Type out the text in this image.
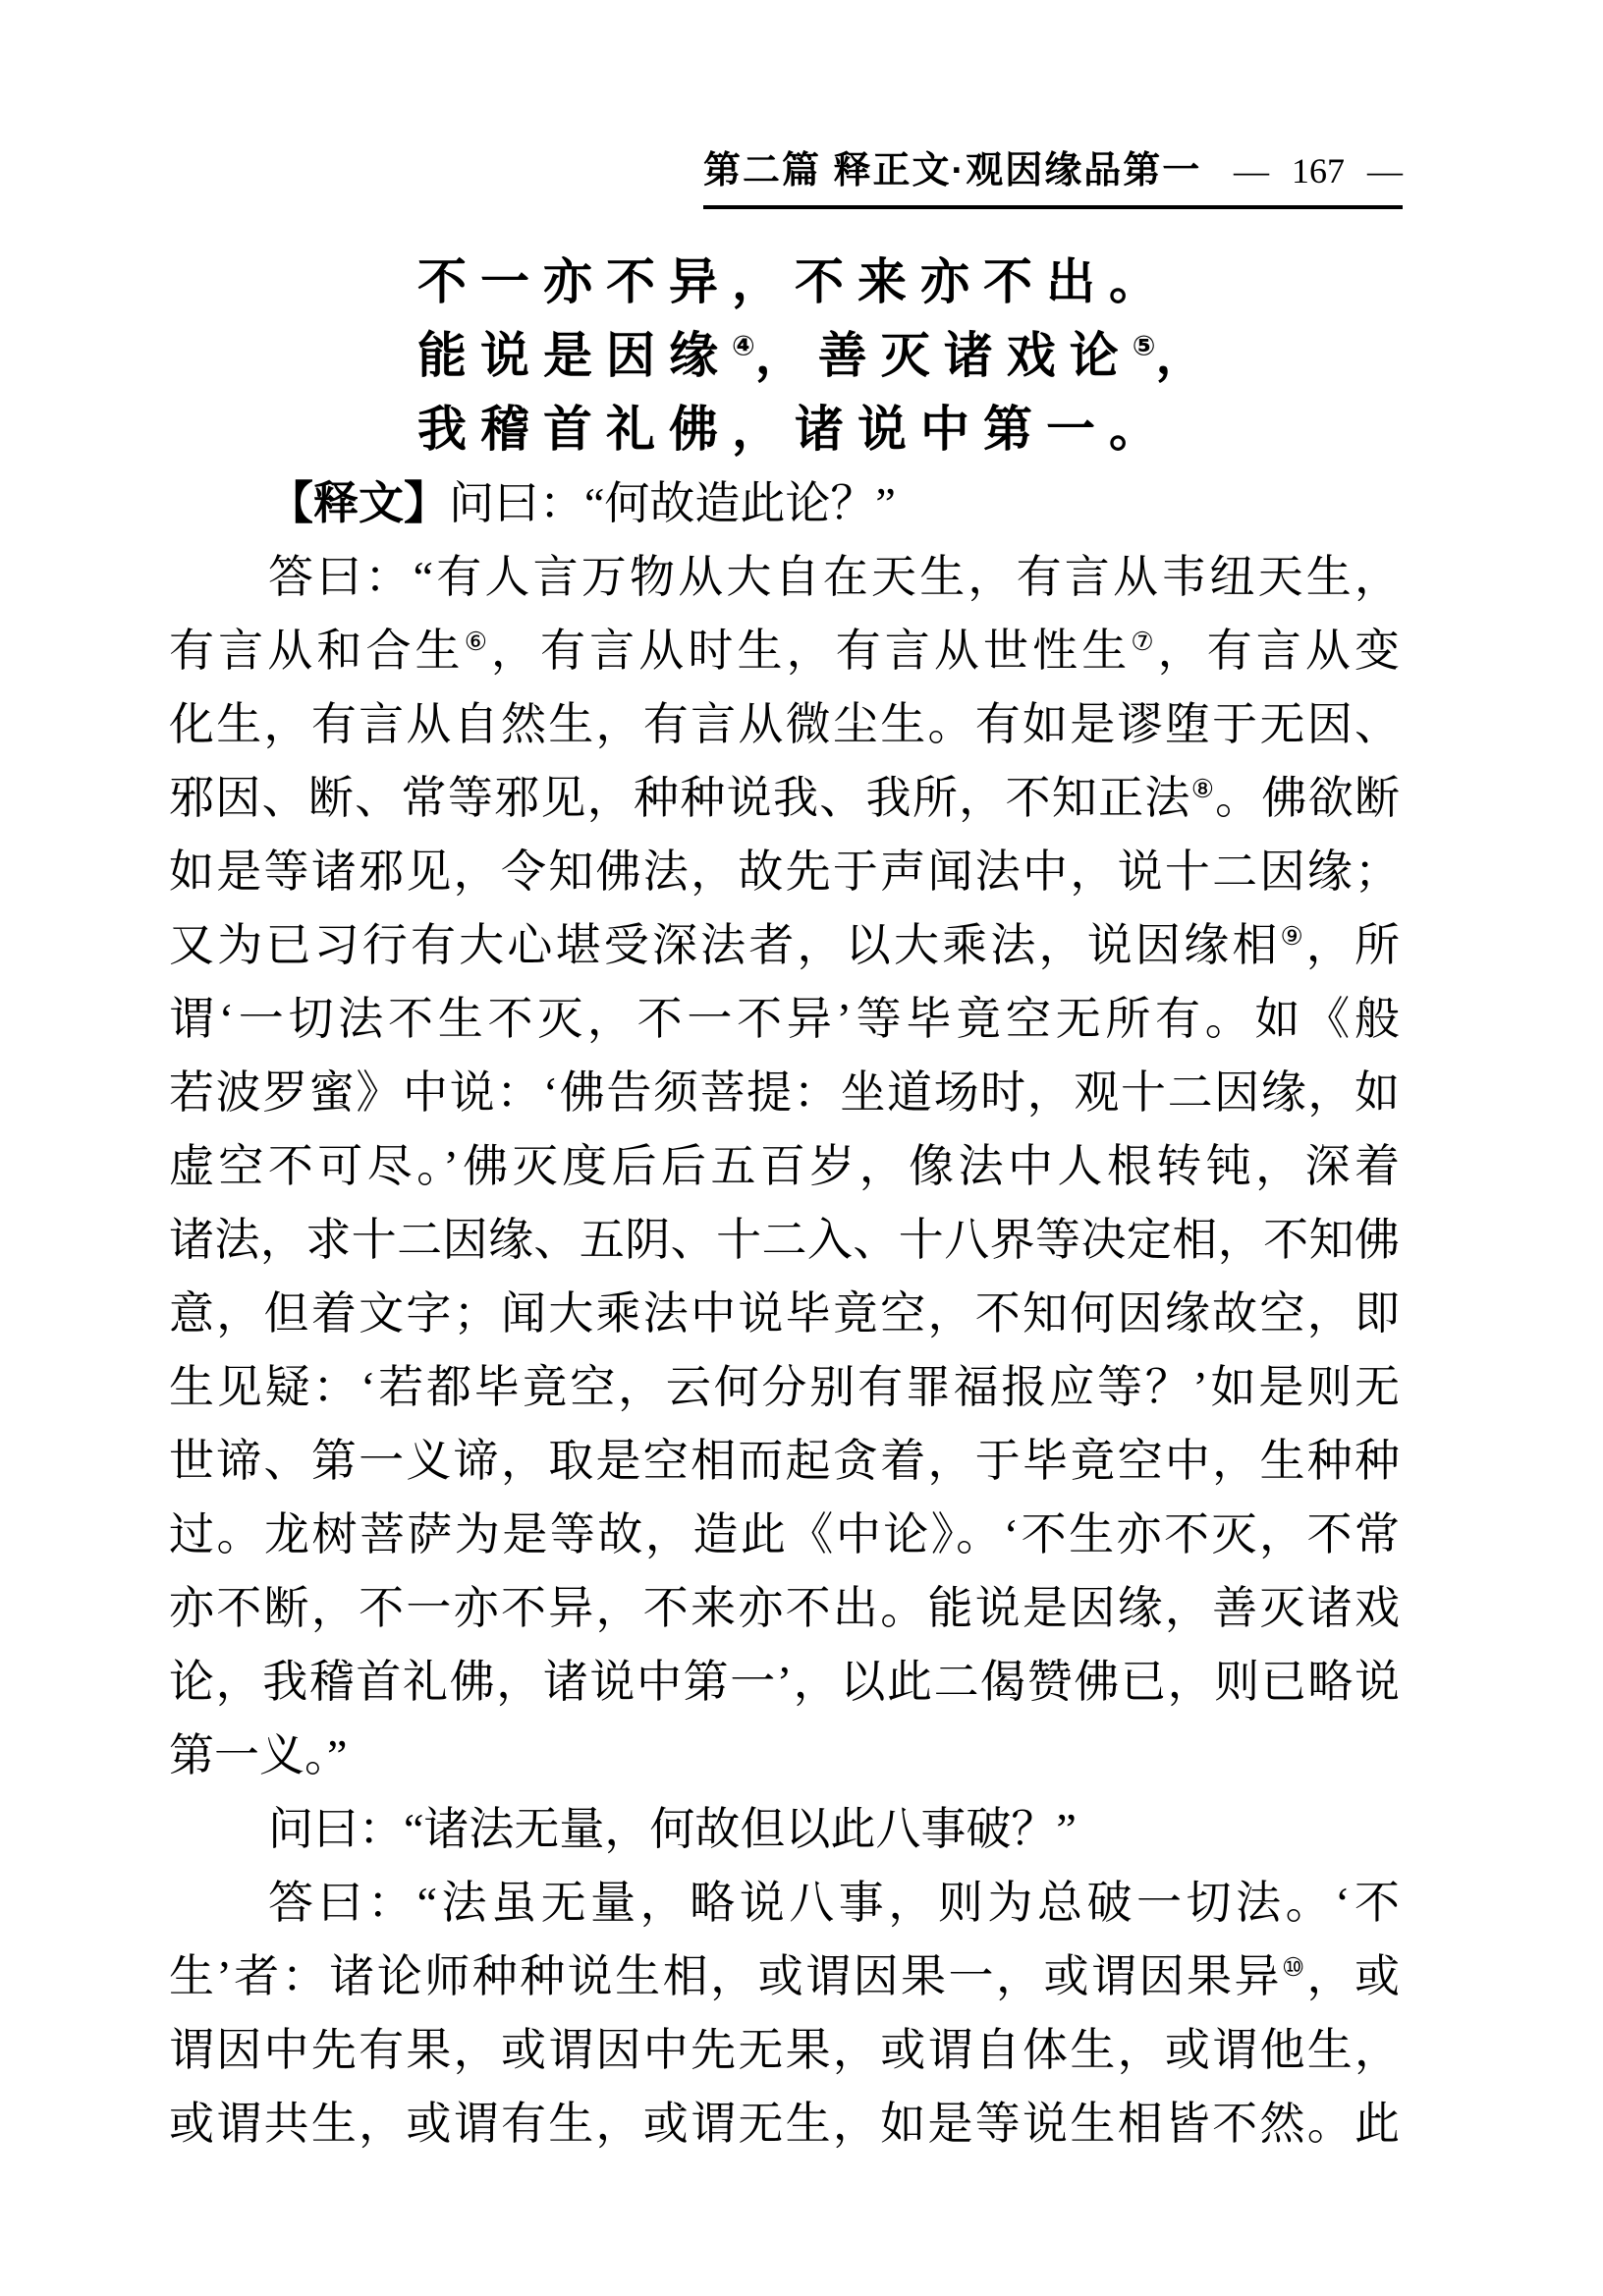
第二篇 释正文·观因缘品第一 — 167 —
不一亦不异，不来亦不出。
能说是因缘④，善灭诸戏论⑤，
我稽首礼佛，诸说中第一。
【释文】问曰：“何故造此论？”
答曰：“有人言万物从大自在天生，有言从韦纽天生，
有言从和合生⑥，有言从时生，有言从世性生⑦，有言从变
化生，有言从自然生，有言从微尘生。有如是谬堕于无因、
邪因、断、常等邪见，种种说我、我所，不知正法⑧。佛欲断
如是等诸邪见，令知佛法，故先于声闻法中，说十二因缘；
又为已习行有大心堪受深法者，以大乘法，说因缘相⑨，所
谓‘一切法不生不灭，不一不异’等毕竟空无所有。如《般
若波罗蜜》中说：‘佛告须菩提：坐道场时，观十二因缘，如
虚空不可尽。’佛灭度后后五百岁，像法中人根转钝，深着
诸法，求十二因缘、五阴、十二入、十八界等决定相，不知佛
意，但着文字；闻大乘法中说毕竟空，不知何因缘故空，即
生见疑：‘若都毕竟空，云何分别有罪福报应等？’如是则无
世谛、第一义谛，取是空相而起贪着，于毕竟空中，生种种
过。龙树菩萨为是等故，造此《中论》。‘不生亦不灭，不常
亦不断，不一亦不异，不来亦不出。能说是因缘，善灭诸戏
论，我稽首礼佛，诸说中第一’，以此二偈赞佛已，则已略说
第一义。”
问曰：“诸法无量，何故但以此八事破？”
答曰：“法虽无量，略说八事，则为总破一切法。‘不
生’者：诸论师种种说生相，或谓因果一，或谓因果异⑩，或
谓因中先有果，或谓因中先无果，或谓自体生，或谓他生，
或谓共生，或谓有生，或谓无生，如是等说生相皆不然。此
